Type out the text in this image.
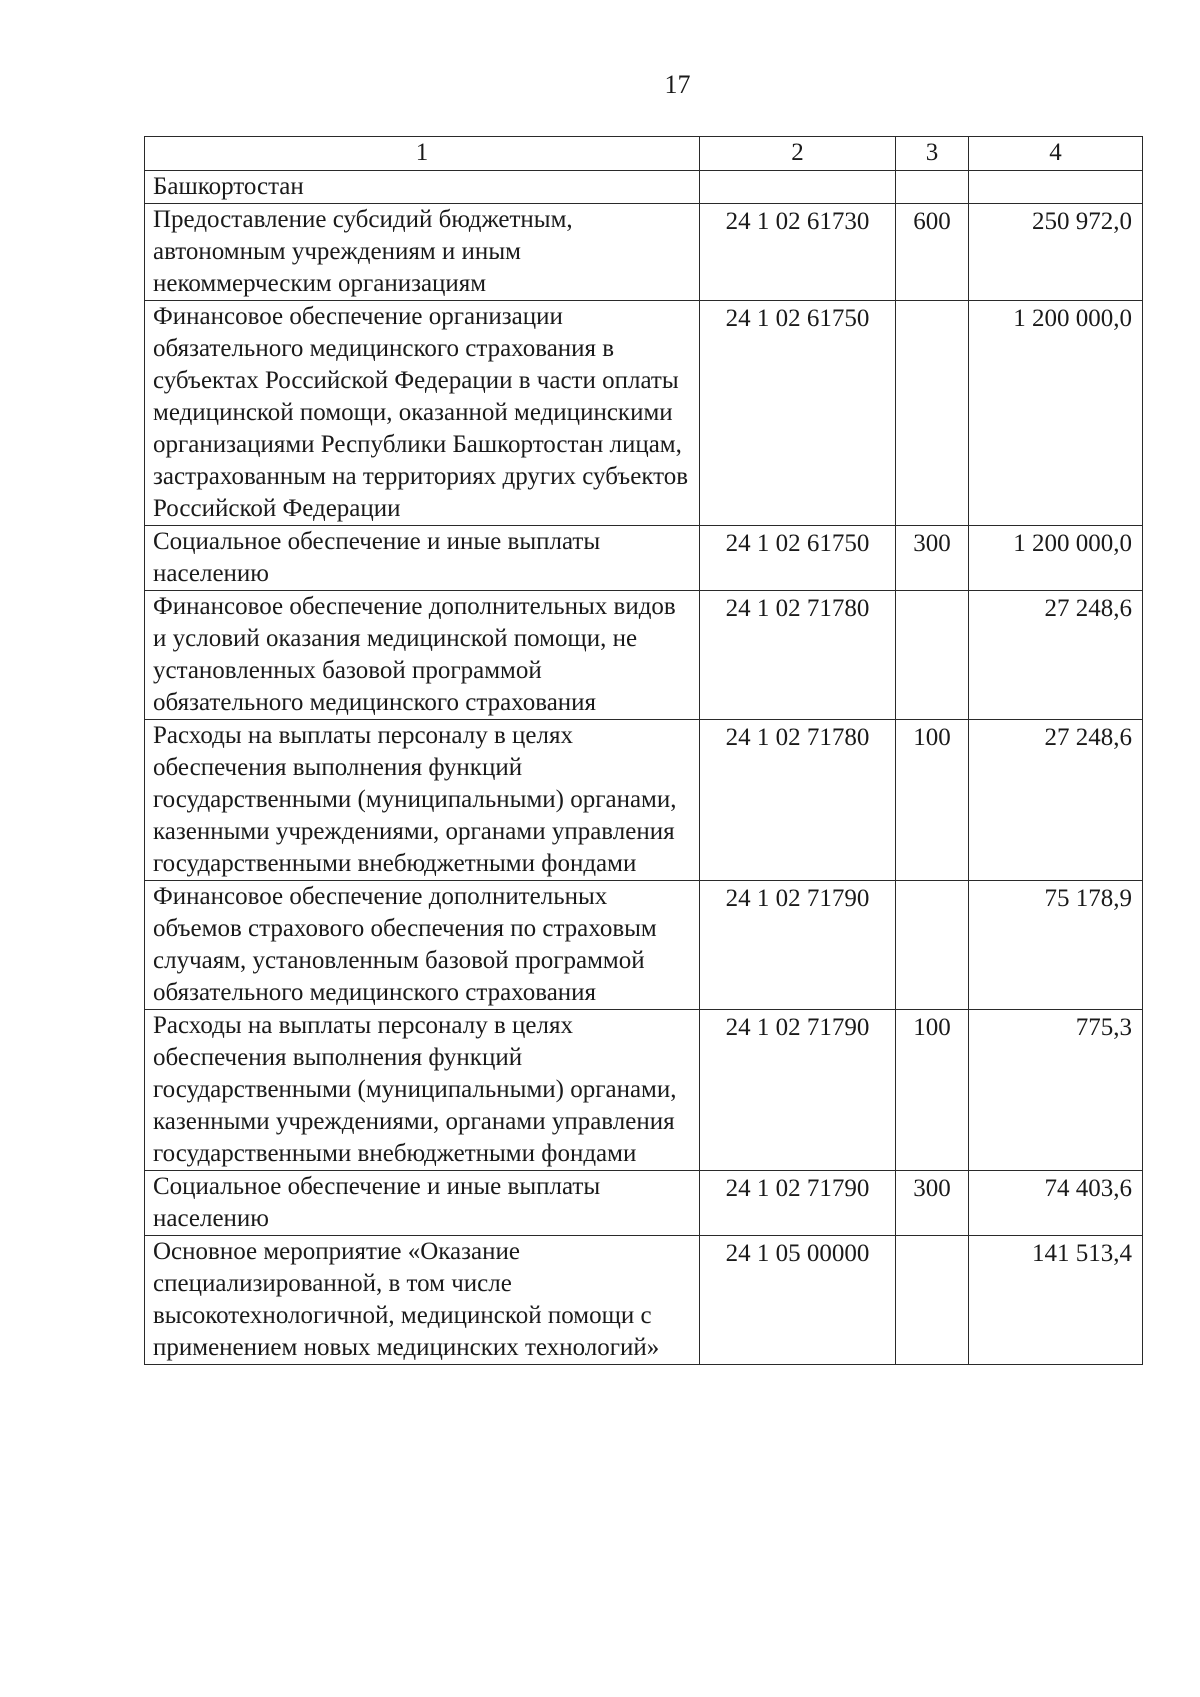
17
1	2	3	4
Башкортостан			
Предоставление субсидий бюджетным, автономным учреждениям и иным некоммерческим организациям	24 1 02 61730	600	250 972,0
Финансовое обеспечение организации обязательного медицинского страхования в субъектах Российской Федерации в части оплаты медицинской помощи, оказанной медицинскими организациями Республики Башкортостан лицам, застрахованным на территориях других субъектов Российской Федерации	24 1 02 61750		1 200 000,0
Социальное обеспечение и иные выплаты населению	24 1 02 61750	300	1 200 000,0
Финансовое обеспечение дополнительных видов и условий оказания медицинской помощи, не установленных базовой программой обязательного медицинского страхования	24 1 02 71780		27 248,6
Расходы на выплаты персоналу в целях обеспечения выполнения функций государственными (муниципальными) органами, казенными учреждениями, органами управления государственными внебюджетными фондами	24 1 02 71780	100	27 248,6
Финансовое обеспечение дополнительных объемов страхового обеспечения по страховым случаям, установленным базовой программой обязательного медицинского страхования	24 1 02 71790		75 178,9
Расходы на выплаты персоналу в целях обеспечения выполнения функций государственными (муниципальными) органами, казенными учреждениями, органами управления государственными внебюджетными фондами	24 1 02 71790	100	775,3
Социальное обеспечение и иные выплаты населению	24 1 02 71790	300	74 403,6
Основное мероприятие «Оказание специализированной, в том числе высокотехнологичной, медицинской помощи с применением новых медицинских технологий»	24 1 05 00000		141 513,4
